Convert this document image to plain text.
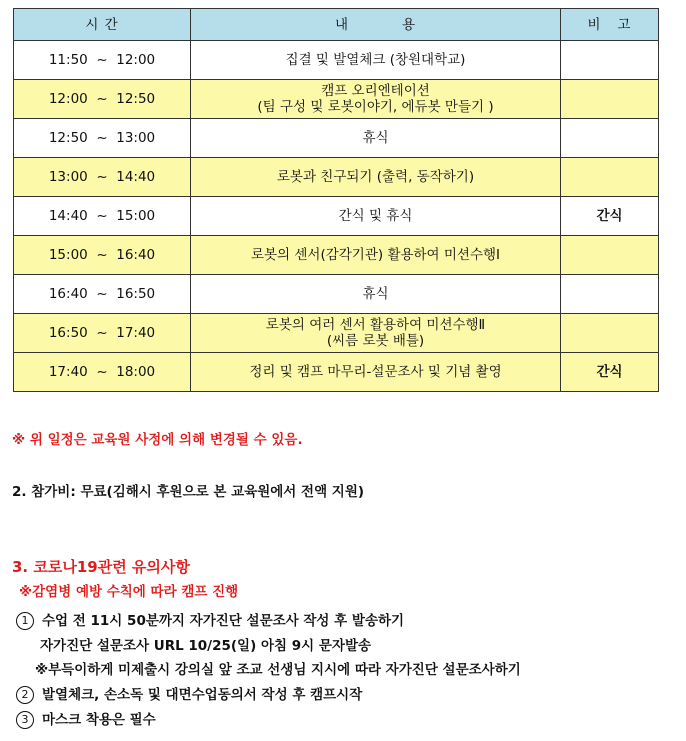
시 간	내          용	비   고
11:50  ~  12:00	집결 및 발열체크 (창원대학교)	

12:00  ~  12:50	캠프 오리엔테이션
(팀 구성 및 로봇이야기, 에듀봇 만들기 )	

12:50  ~  13:00	휴식	

13:00  ~  14:40	로봇과 친구되기 (출력, 동작하기)	

14:40  ~  15:00	간식 및 휴식	간식
15:00  ~  16:40	로봇의 센서(감각기관) 활용하여 미션수행Ⅰ	

16:40  ~  16:50	휴식	

16:50  ~  17:40	로봇의 여러 센서 활용하여 미션수행Ⅱ
(씨름 로봇 배틀)	

17:40  ~  18:00	정리 및 캠프 마무리-설문조사 및 기념 촬영	간식
※ 위 일정은 교육원 사정에 의해 변경될 수 있음.
2. 참가비: 무료(김해시 후원으로 본 교육원에서 전액 지원)
3. 코로나19관련 유의사항
※감염병 예방 수칙에 따라 캠프 진행
1 수업 전 11시 50분까지 자가진단 설문조사 작성 후 발송하기
자가진단 설문조사 URL 10/25(일) 아침 9시 문자발송
※부득이하게 미제출시 강의실 앞 조교 선생님 지시에 따라 자가진단 설문조사하기
2 발열체크, 손소독 및 대면수업동의서 작성 후 캠프시작
3 마스크 착용은 필수
